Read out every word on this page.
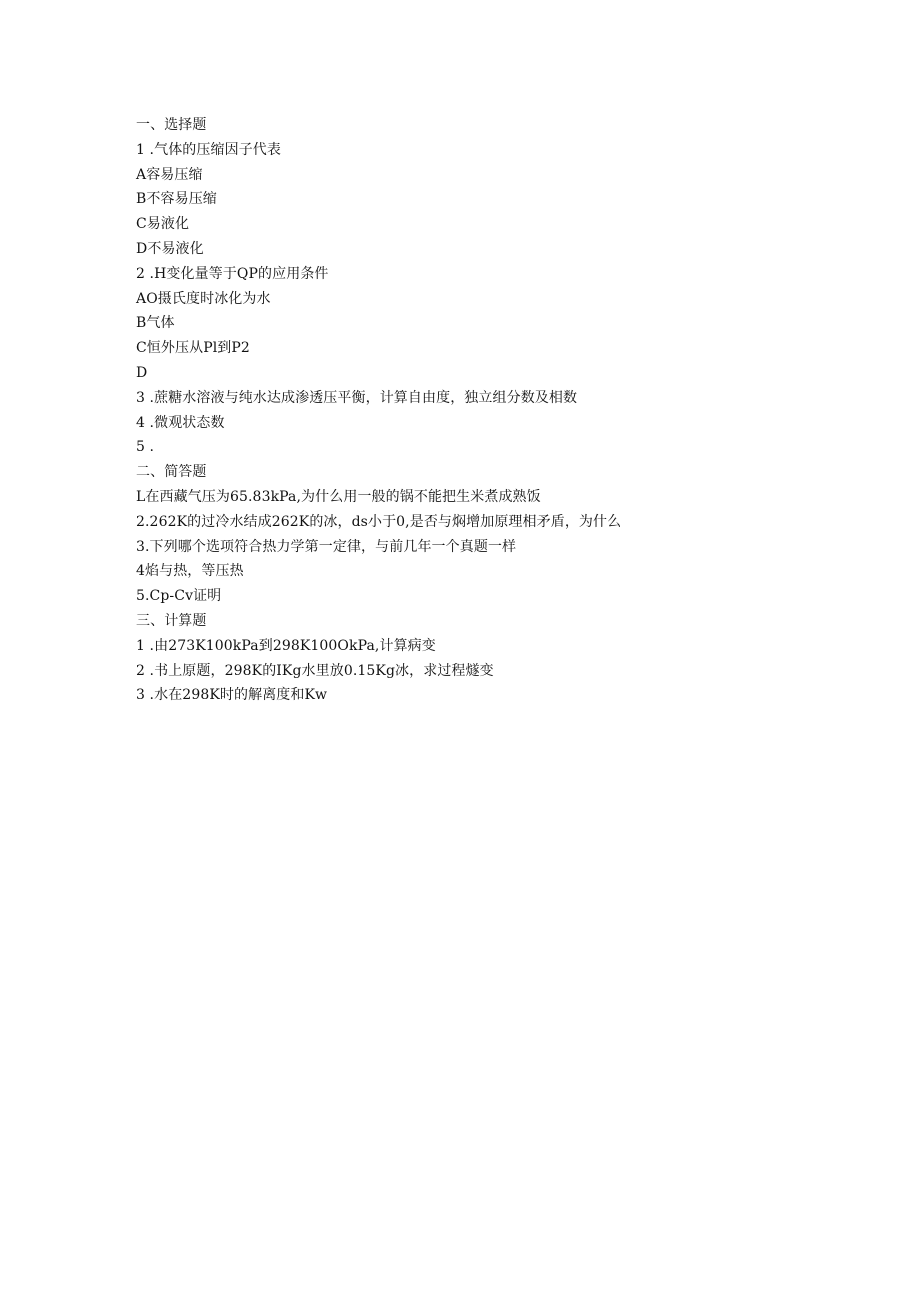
一、选择题
1 .气体的压缩因子代表
A容易压缩
B不容易压缩
C易液化
D不易液化
2 .H变化量等于QP的应用条件
AO摄氏度时冰化为水
B气体
C恒外压从Pl到P2
D
3 .蔗糖水溶液与纯水达成渗透压平衡，计算自由度，独立组分数及相数
4 .微观状态数
5 .
二、简答题
L在西藏气压为65.83kPa,为什么用一般的锅不能把生米煮成熟饭
2.262K的过冷水结成262K的冰，ds小于0,是否与焖增加原理相矛盾，为什么
3.下列哪个选项符合热力学第一定律，与前几年一个真题一样
4焰与热，等压热
5.Cp-Cv证明
三、计算题
1 .由273K100kPa到298K100OkPa,计算病变
2 .书上原题，298K的IKg水里放0.15Kg冰，求过程燧变
3 .水在298K时的解离度和Kw
